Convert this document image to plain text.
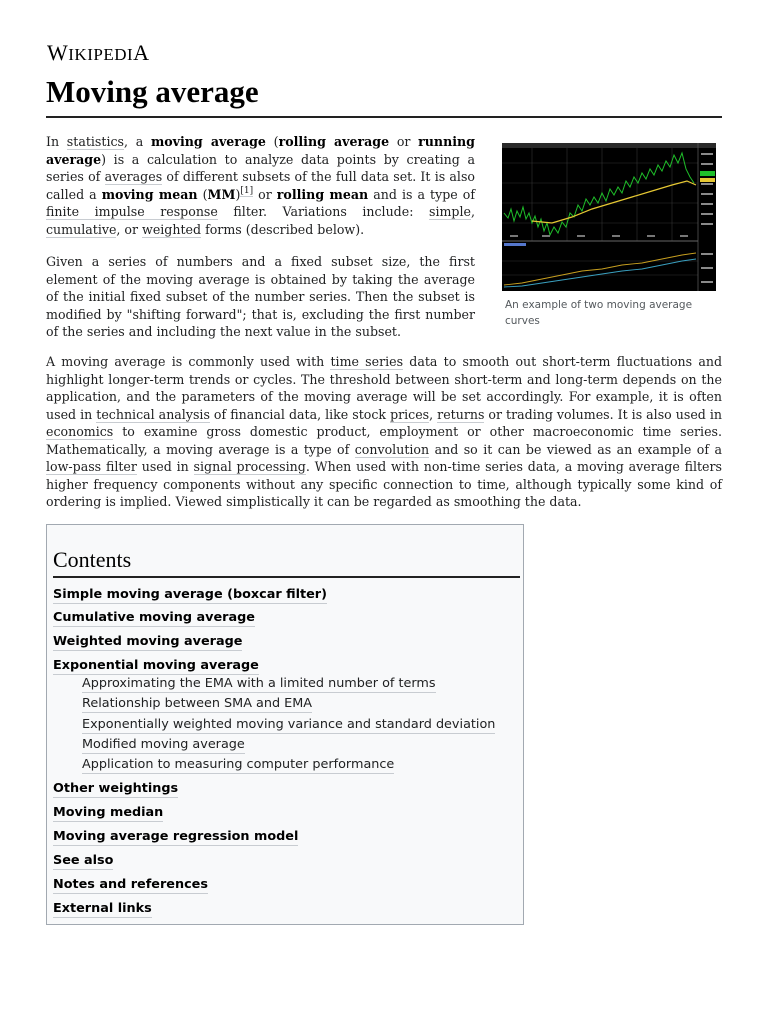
WIKIPEDIA
Moving average

In statistics, a moving average (rolling average or running average) is a calculation to analyze data points by creating a series of averages of different subsets of the full data set. It is also called a moving mean (MM)[1] or rolling mean and is a type of finite impulse response filter. Variations include: simple, cumulative, or weighted forms (described below).

Given a series of numbers and a fixed subset size, the first element of the moving average is obtained by taking the average of the initial fixed subset of the number series. Then the subset is modified by "shifting forward"; that is, excluding the first number of the series and including the next value in the subset.

An example of two moving average curves

A moving average is commonly used with time series data to smooth out short-term fluctuations and highlight longer-term trends or cycles. The threshold between short-term and long-term depends on the application, and the parameters of the moving average will be set accordingly. For example, it is often used in technical analysis of financial data, like stock prices, returns or trading volumes. It is also used in economics to examine gross domestic product, employment or other macroeconomic time series. Mathematically, a moving average is a type of convolution and so it can be viewed as an example of a low-pass filter used in signal processing. When used with non-time series data, a moving average filters higher frequency components without any specific connection to time, although typically some kind of ordering is implied. Viewed simplistically it can be regarded as smoothing the data.

Contents
Simple moving average (boxcar filter)
Cumulative moving average
Weighted moving average
Exponential moving average
Approximating the EMA with a limited number of terms
Relationship between SMA and EMA
Exponentially weighted moving variance and standard deviation
Modified moving average
Application to measuring computer performance
Other weightings
Moving median
Moving average regression model
See also
Notes and references
External links
